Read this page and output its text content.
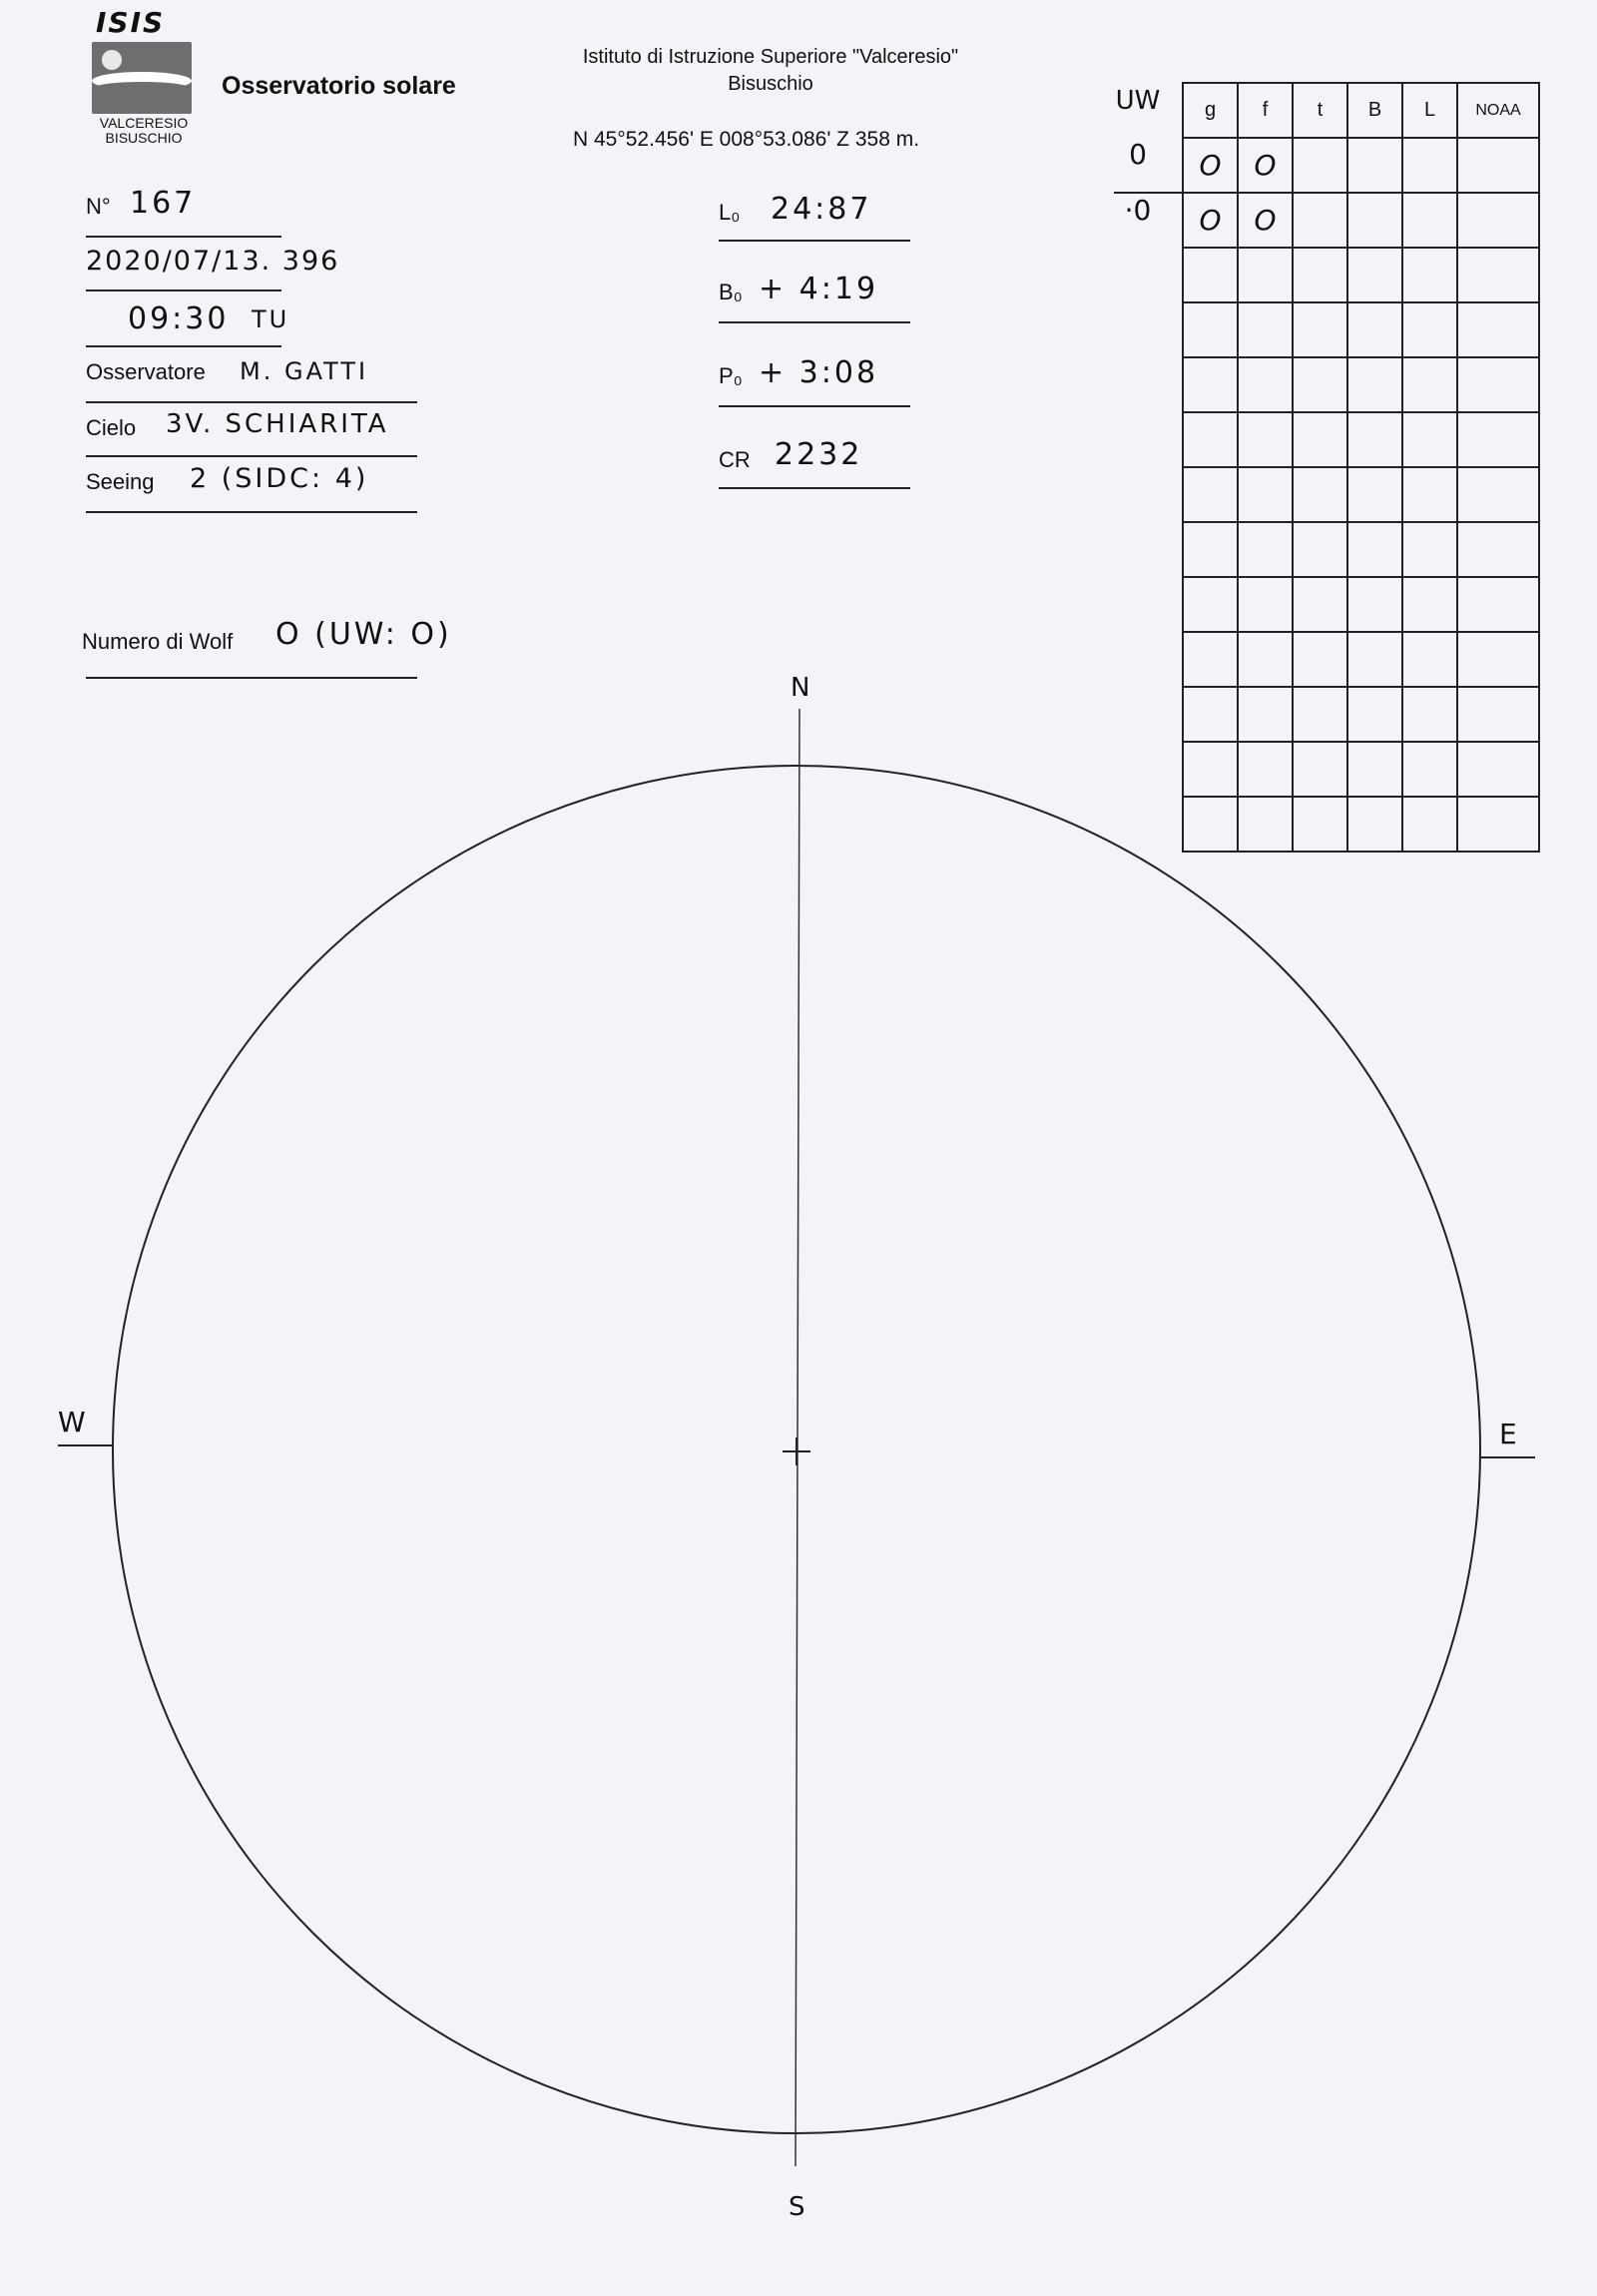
ISIS
VALCERESIO
BISUSCHIO
Osservatorio solare
Istituto di Istruzione Superiore "Valceresio"
Bisuschio
N 45°52.456' E 008°53.086' Z 358 m.
N° 167
2020/07/13. 396
09:30 TU
Osservatore M. GATTI
Cielo 3V. SCHIARITA
Seeing 2 (SIDC: 4)
Numero di Wolf O (UW: O)
L₀ 24:87
B₀ + 4:19
P₀ + 3:08
CR 2232
UW
0
·0
g	f	t	B	L	NOAA
O	O				
O	O				

N
S
W	E
